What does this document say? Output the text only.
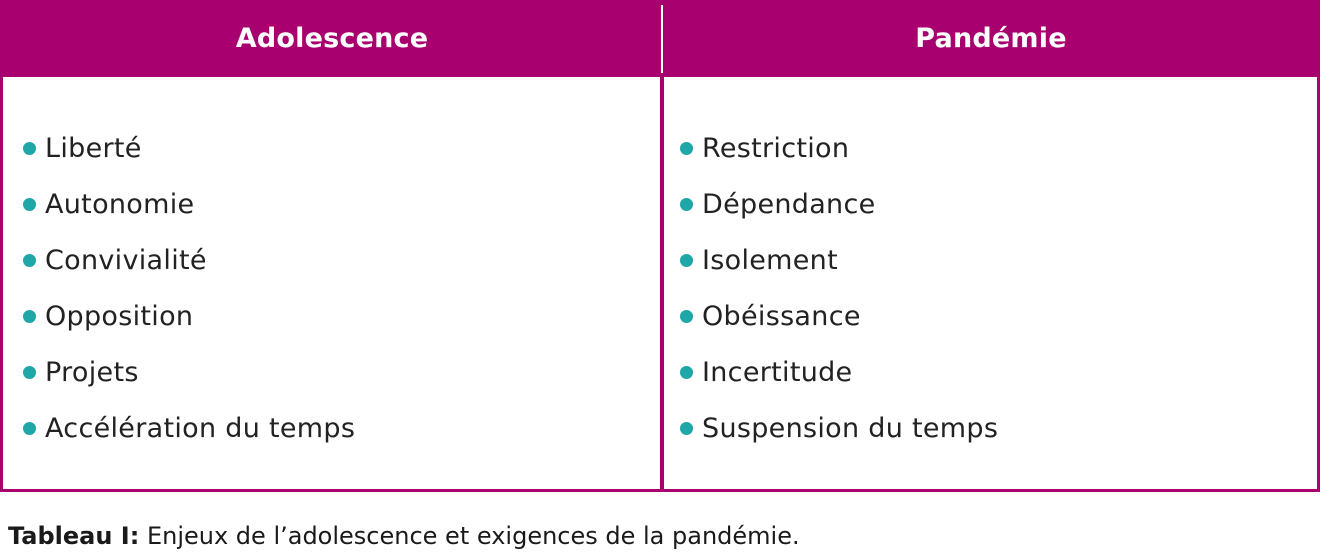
Adolescence	Pandémie
Liberté
Autonomie
Convivialité
Opposition
Projets
Accélération du temps
Restriction
Dépendance
Isolement
Obéissance
Incertitude
Suspension du temps
Tableau I: Enjeux de l’adolescence et exigences de la pandémie.
